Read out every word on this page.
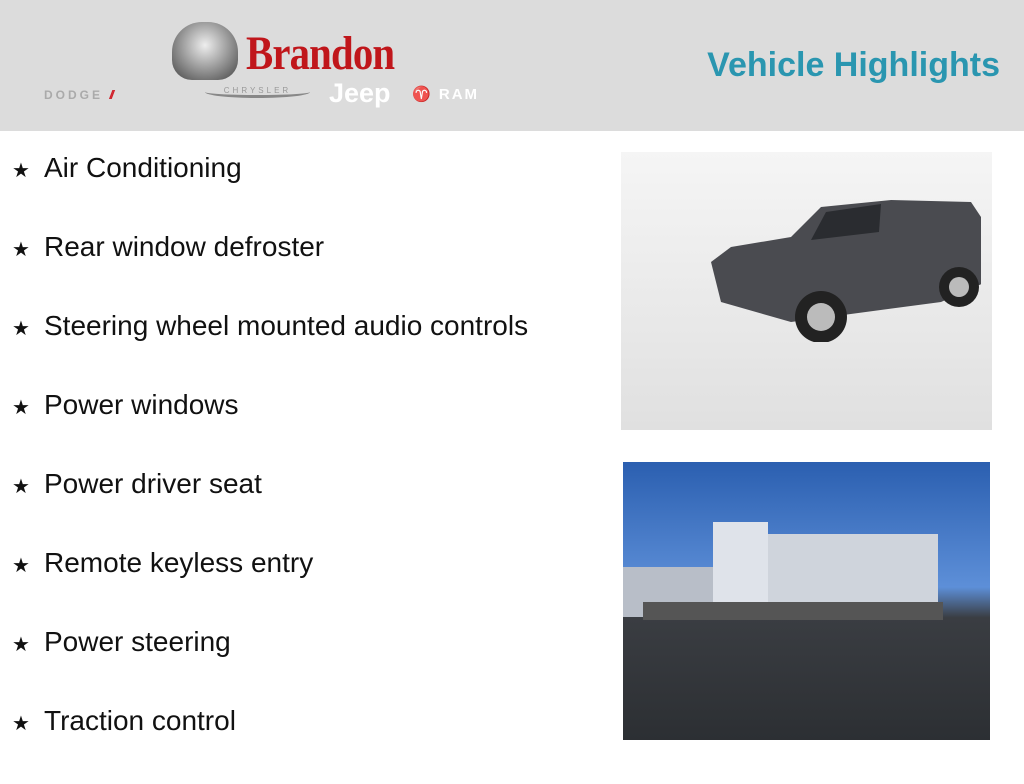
Brandon
DODGE //	CHRYSLER	Jeep ♈ RAM
Vehicle Highlights
★ Air Conditioning
★ Rear window defroster
★ Steering wheel mounted audio controls
★ Power windows
★ Power driver seat
★ Remote keyless entry
★ Power steering
★ Traction control
